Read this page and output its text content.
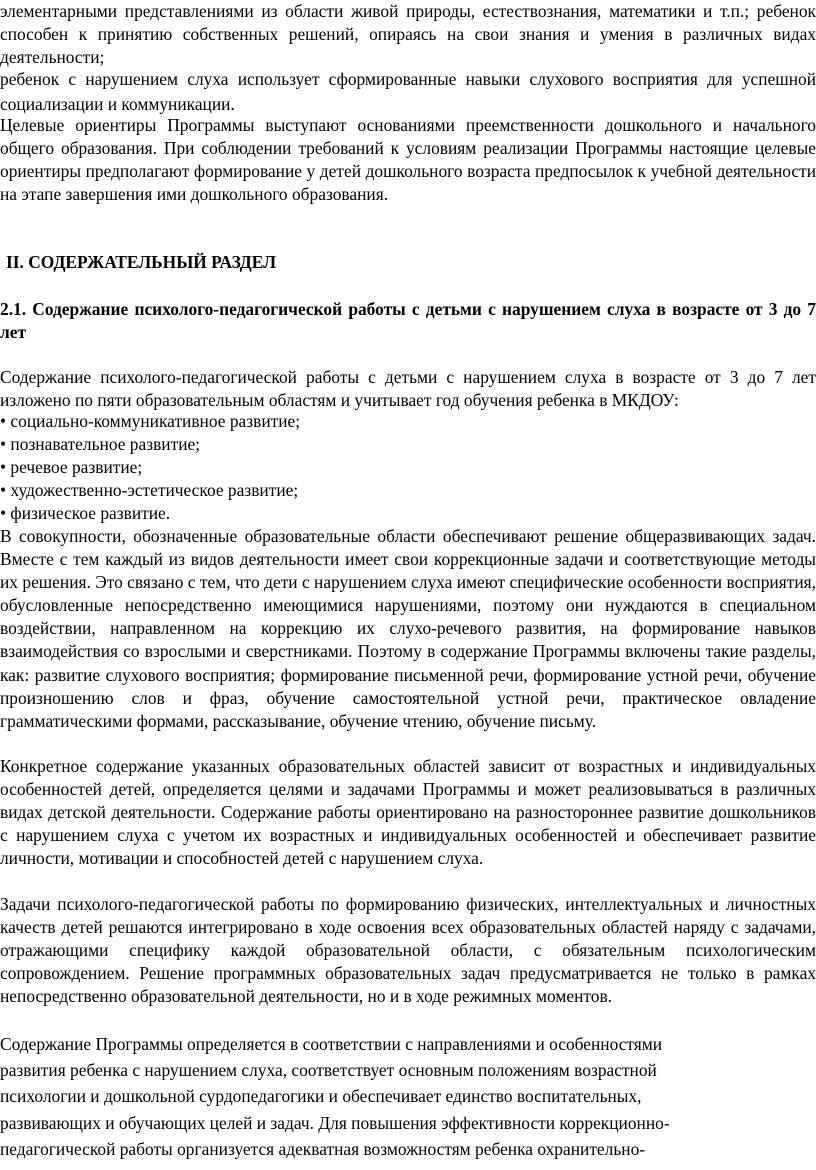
элементарными представлениями из области живой природы, естествознания, математики и т.п.; ребенок способен к принятию собственных решений, опираясь на свои знания и умения в различных видах деятельности;

ребенок с нарушением слуха использует сформированные навыки слухового восприятия для успешной социализации и коммуникации.

Целевые ориентиры Программы выступают основаниями преемственности дошкольного и начального общего образования. При соблюдении требований к условиям реализации Программы настоящие целевые ориентиры предполагают формирование у детей дошкольного возраста предпосылок к учебной деятельности на этапе завершения ими дошкольного образования.

II. СОДЕРЖАТЕЛЬНЫЙ РАЗДЕЛ

2.1. Содержание психолого-педагогической работы с детьми с нарушением слуха в возрасте от 3 до 7 лет

Содержание психолого-педагогической работы с детьми с нарушением слуха в возрасте от 3 до 7 лет изложено по пяти образовательным областям и учитывает год обучения ребенка в МКДОУ:

• социально-коммуникативное развитие;
• познавательное развитие;
• речевое развитие;
• художественно-эстетическое развитие;
• физическое развитие.

В совокупности, обозначенные образовательные области обеспечивают решение общеразвивающих задач. Вместе с тем каждый из видов деятельности имеет свои коррекционные задачи и соответствующие методы их решения. Это связано с тем, что дети с нарушением слуха имеют специфические особенности восприятия, обусловленные непосредственно имеющимися нарушениями, поэтому они нуждаются в специальном воздействии, направленном на коррекцию их слухо-речевого развития, на формирование навыков взаимодействия со взрослыми и сверстниками. Поэтому в содержание Программы включены такие разделы, как: развитие слухового восприятия; формирование письменной речи, формирование устной речи, обучение произношению слов и фраз, обучение самостоятельной устной речи, практическое овладение грамматическими формами, рассказывание, обучение чтению, обучение письму.

Конкретное содержание указанных образовательных областей зависит от возрастных и индивидуальных особенностей детей, определяется целями и задачами Программы и может реализовываться в различных видах детской деятельности. Содержание работы ориентировано на разностороннее развитие дошкольников с нарушением слуха с учетом их возрастных и индивидуальных особенностей и обеспечивает развитие личности, мотивации и способностей детей с нарушением слуха.

Задачи психолого-педагогической работы по формированию физических, интеллектуальных и личностных качеств детей решаются интегрировано в ходе освоения всех образовательных областей наряду с задачами, отражающими специфику каждой образовательной области, с обязательным психологическим сопровождением. Решение программных образовательных задач предусматривается не только в рамках непосредственно образовательной деятельности, но и в ходе режимных моментов.

Содержание Программы определяется в соответствии с направлениями и особенностями
развития ребенка с нарушением слуха, соответствует основным положениям возрастной
психологии и дошкольной сурдопедагогики и обеспечивает единство воспитательных,
развивающих и обучающих целей и задач. Для повышения эффективности коррекционно-
педагогической работы организуется адекватная возможностям ребенка охранительно-
